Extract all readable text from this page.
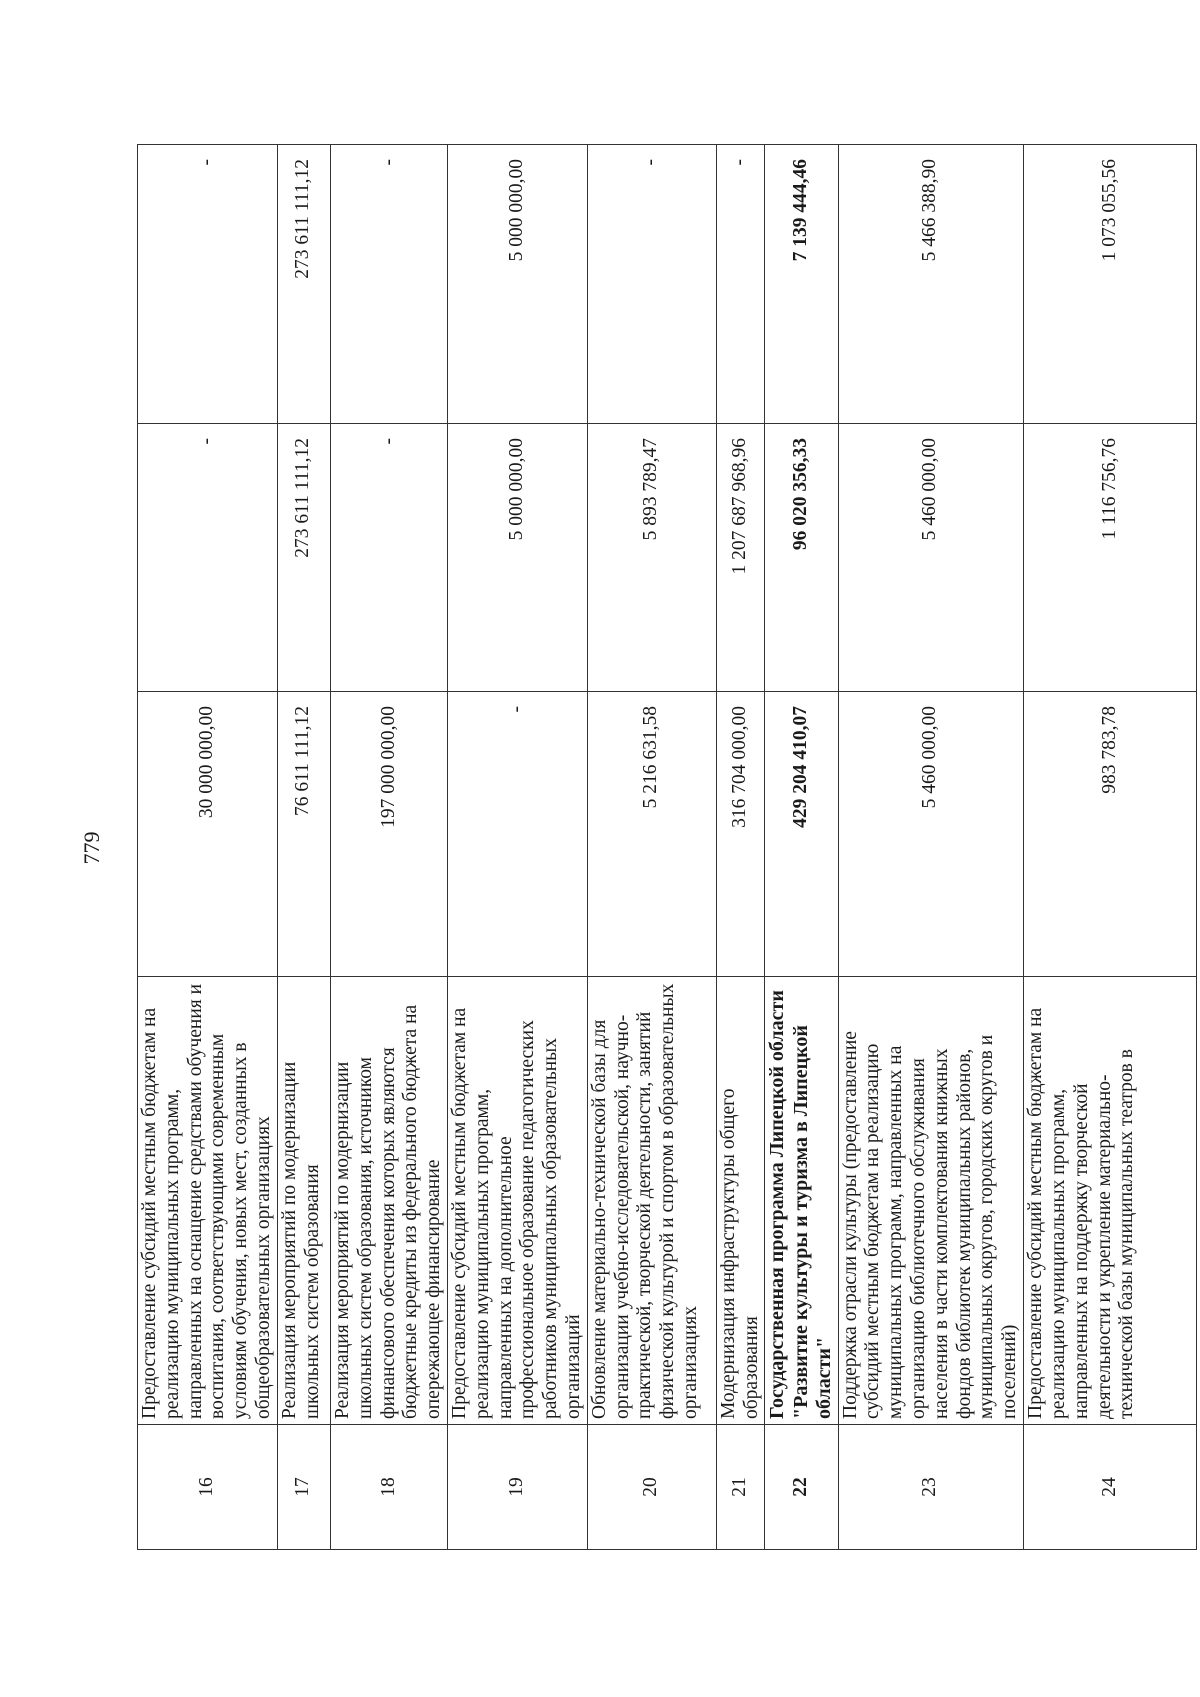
779
16	Предоставление субсидий местным бюджетам на реализацию муниципальных программ, направленных на оснащение средствами обучения и воспитания, соответствующими современным условиям обучения, новых мест, созданных в общеобразовательных организациях	30 000 000,00	-	-
17	Реализация мероприятий по модернизации школьных систем образования	76 611 111,12	273 611 111,12	273 611 111,12
18	Реализация мероприятий по модернизации школьных систем образования, источником финансового обеспечения которых являются бюджетные кредиты из федерального бюджета на опережающее финансирование	197 000 000,00	-	-
19	Предоставление субсидий местным бюджетам на реализацию муниципальных программ, направленных на дополнительное профессиональное образование педагогических работников муниципальных образовательных организаций	-	5 000 000,00	5 000 000,00
20	Обновление материально-технической базы для организации учебно-исследовательской, научно-практической, творческой деятельности, занятий физической культурой и спортом в образовательных организациях	5 216 631,58	5 893 789,47	-
21	Модернизация инфраструктуры общего образования	316 704 000,00	1 207 687 968,96	-
22	Государственная программа Липецкой области "Развитие культуры и туризма в Липецкой области"	429 204 410,07	96 020 356,33	7 139 444,46
23	Поддержка отрасли культуры (предоставление субсидий местным бюджетам на реализацию муниципальных программ, направленных на организацию библиотечного обслуживания населения в части комплектования книжных фондов библиотек муниципальных районов, муниципальных округов, городских округов и поселений)	5 460 000,00	5 460 000,00	5 466 388,90
24	Предоставление субсидий местным бюджетам на реализацию муниципальных программ, направленных на поддержку творческой деятельности и укрепление материально-технической базы муниципальных театров в	983 783,78	1 116 756,76	1 073 055,56
